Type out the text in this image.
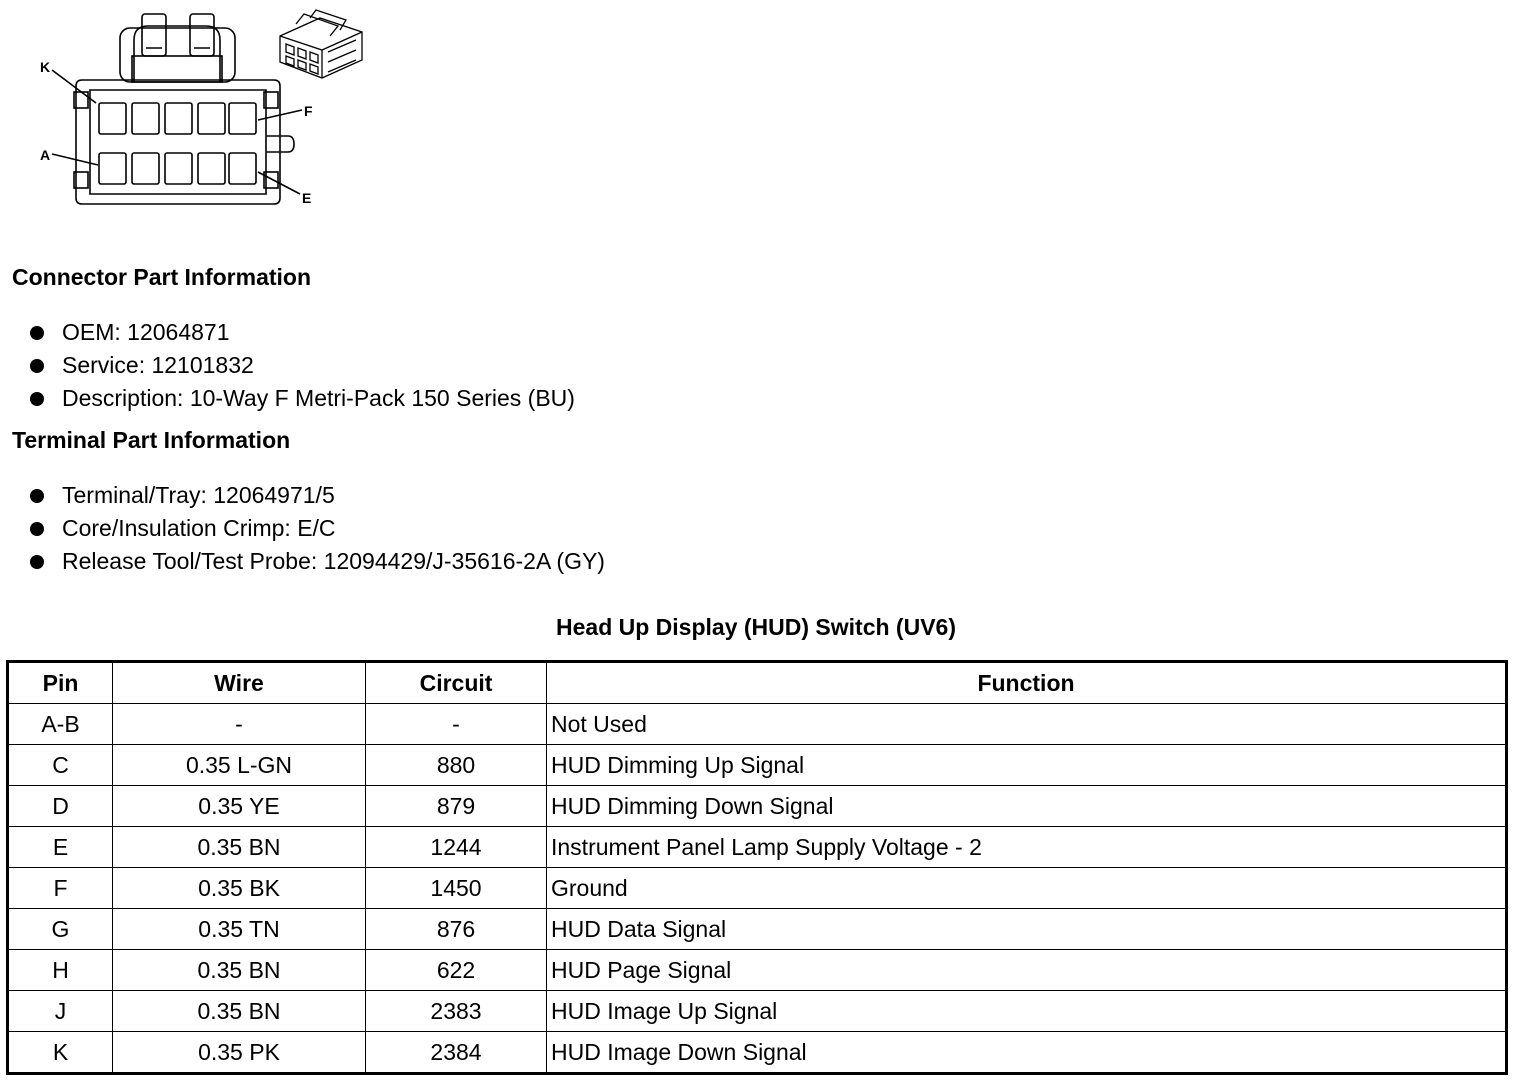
K
F
A
E
Connector Part Information
OEM: 12064871
Service: 12101832
Description: 10-Way F Metri-Pack 150 Series (BU)
Terminal Part Information
Terminal/Tray: 12064971/5
Core/Insulation Crimp: E/C
Release Tool/Test Probe: 12094429/J-35616-2A (GY)
Head Up Display (HUD) Switch (UV6)
Pin	Wire	Circuit	Function
A-B	-	-	Not Used
C	0.35 L-GN	880	HUD Dimming Up Signal
D	0.35 YE	879	HUD Dimming Down Signal
E	0.35 BN	1244	Instrument Panel Lamp Supply Voltage - 2
F	0.35 BK	1450	Ground
G	0.35 TN	876	HUD Data Signal
H	0.35 BN	622	HUD Page Signal
J	0.35 BN	2383	HUD Image Up Signal
K	0.35 PK	2384	HUD Image Down Signal
